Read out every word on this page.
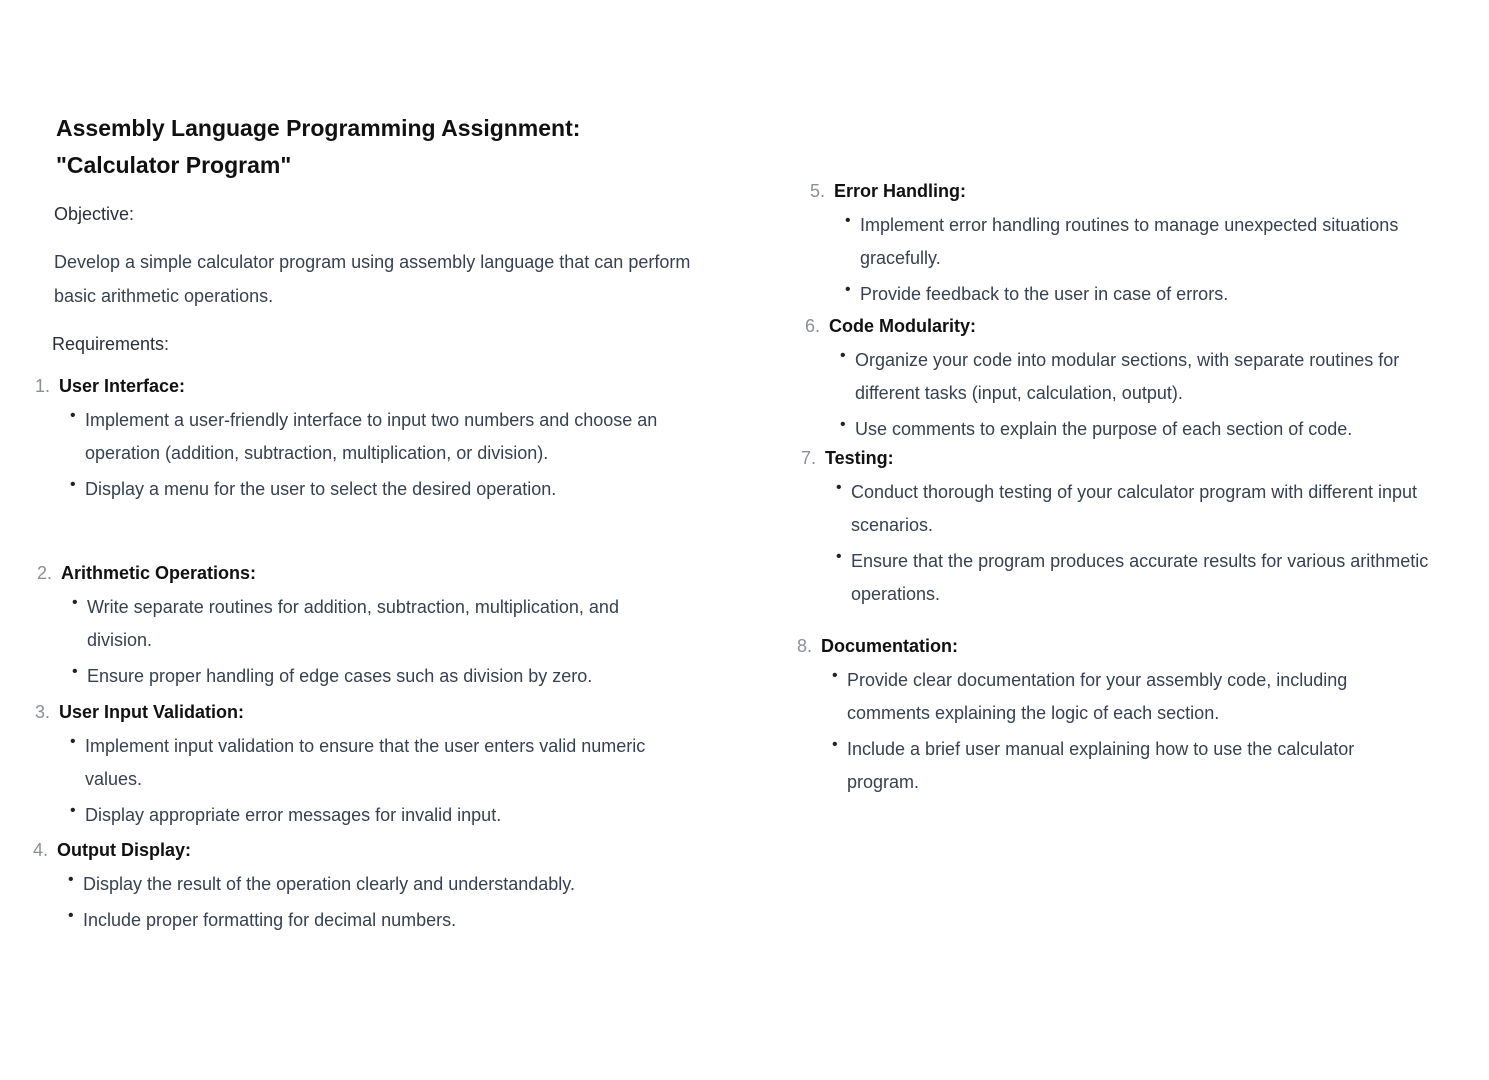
Assembly Language Programming Assignment:
"Calculator Program"

Objective:

Develop a simple calculator program using assembly language that can perform basic arithmetic operations.

Requirements:

1. User Interface:
• Implement a user-friendly interface to input two numbers and choose an operation (addition, subtraction, multiplication, or division).
• Display a menu for the user to select the desired operation.
2. Arithmetic Operations:
• Write separate routines for addition, subtraction, multiplication, and division.
• Ensure proper handling of edge cases such as division by zero.
3. User Input Validation:
• Implement input validation to ensure that the user enters valid numeric values.
• Display appropriate error messages for invalid input.
4. Output Display:
• Display the result of the operation clearly and understandably.
• Include proper formatting for decimal numbers.
5. Error Handling:
• Implement error handling routines to manage unexpected situations gracefully.
• Provide feedback to the user in case of errors.
6. Code Modularity:
• Organize your code into modular sections, with separate routines for different tasks (input, calculation, output).
• Use comments to explain the purpose of each section of code.
7. Testing:
• Conduct thorough testing of your calculator program with different input scenarios.
• Ensure that the program produces accurate results for various arithmetic operations.
8. Documentation:
• Provide clear documentation for your assembly code, including comments explaining the logic of each section.
• Include a brief user manual explaining how to use the calculator program.
